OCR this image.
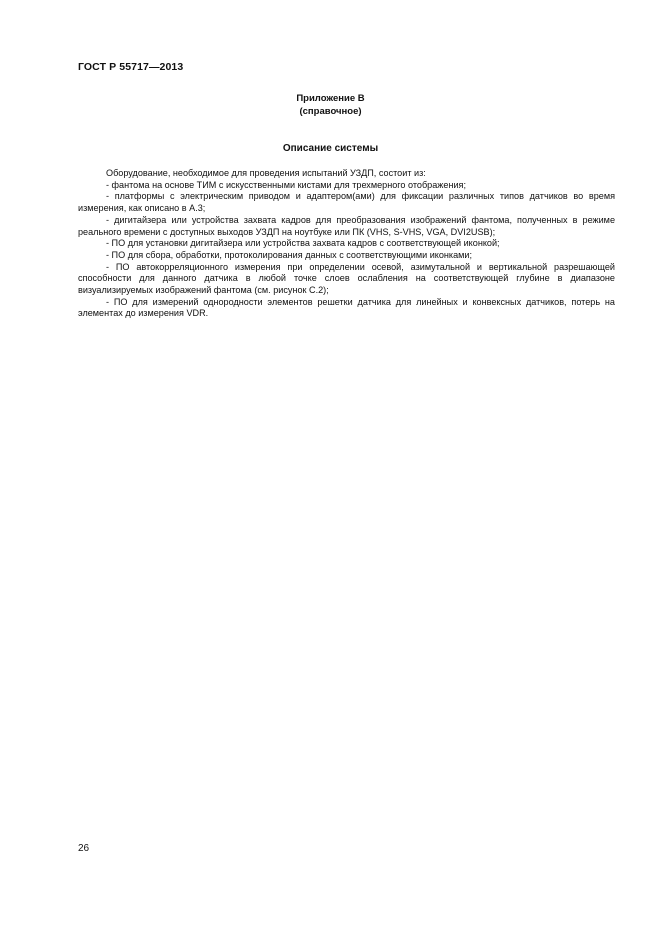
ГОСТ Р 55717—2013
Приложение В
(справочное)
Описание системы

Оборудование, необходимое для проведения испытаний УЗДП, состоит из:

- фантома на основе ТИМ с искусственными кистами для трехмерного отображения;

- платформы с электрическим приводом и адаптером(ами) для фиксации различных типов датчиков во время измерения, как описано в А.3;

- дигитайзера или устройства захвата кадров для преобразования изображений фантома, полученных в режиме реального времени с доступных выходов УЗДП на ноутбуке или ПК (VHS, S-VHS, VGA, DVI2USB);

- ПО для установки дигитайзера или устройства захвата кадров с соответствующей иконкой;

- ПО для сбора, обработки, протоколирования данных с соответствующими иконками;

- ПО автокорреляционного измерения при определении осевой, азимутальной и вертикальной разрешающей способности для данного датчика в любой точке слоев ослабления на соответствующей глубине в диапазоне визуализируемых изображений фантома (см. рисунок С.2);

- ПО для измерений однородности элементов решетки датчика для линейных и конвексных датчиков, потерь на элементах до измерения VDR.

26
